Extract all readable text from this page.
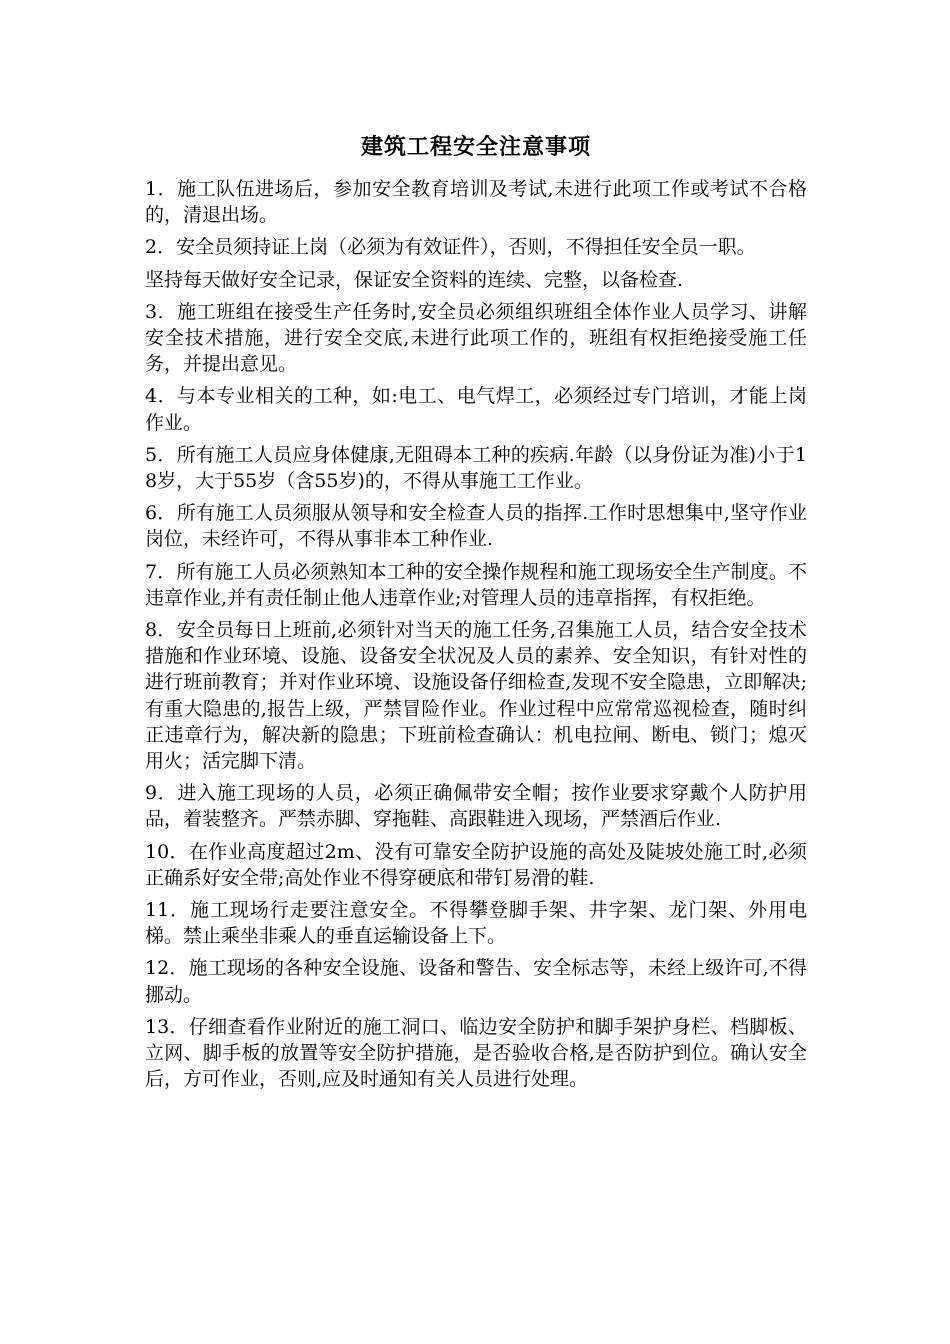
建筑工程安全注意事项

1．施工队伍进场后，参加安全教育培训及考试,未进行此项工作或考试不合格的，清退出场。

2．安全员须持证上岗（必须为有效证件），否则，不得担任安全员一职。

坚持每天做好安全记录，保证安全资料的连续、完整，以备检查.

3．施工班组在接受生产任务时,安全员必须组织班组全体作业人员学习、讲解安全技术措施，进行安全交底,未进行此项工作的，班组有权拒绝接受施工任务，并提出意见。

4．与本专业相关的工种，如:电工、电气焊工，必须经过专门培训，才能上岗作业。

5．所有施工人员应身体健康,无阻碍本工种的疾病.年龄（以身份证为准)小于18岁，大于55岁（含55岁)的，不得从事施工工作业。

6．所有施工人员须服从领导和安全检查人员的指挥.工作时思想集中,坚守作业岗位，未经许可，不得从事非本工种作业.

7．所有施工人员必须熟知本工种的安全操作规程和施工现场安全生产制度。不违章作业,并有责任制止他人违章作业;对管理人员的违章指挥，有权拒绝。

8．安全员每日上班前,必须针对当天的施工任务,召集施工人员，结合安全技术措施和作业环境、设施、设备安全状况及人员的素养、安全知识，有针对性的进行班前教育；并对作业环境、设施设备仔细检查,发现不安全隐患，立即解决;有重大隐患的,报告上级，严禁冒险作业。作业过程中应常常巡视检查，随时纠正违章行为，解决新的隐患；下班前检查确认：机电拉闸、断电、锁门；熄灭用火；活完脚下清。

9．进入施工现场的人员，必须正确佩带安全帽；按作业要求穿戴个人防护用品，着装整齐。严禁赤脚、穿拖鞋、高跟鞋进入现场，严禁酒后作业.

10．在作业高度超过2m、没有可靠安全防护设施的高处及陡坡处施工时,必须正确系好安全带;高处作业不得穿硬底和带钉易滑的鞋.

11．施工现场行走要注意安全。不得攀登脚手架、井字架、龙门架、外用电梯。禁止乘坐非乘人的垂直运输设备上下。

12．施工现场的各种安全设施、设备和警告、安全标志等，未经上级许可,不得挪动。

13．仔细查看作业附近的施工洞口、临边安全防护和脚手架护身栏、档脚板、立网、脚手板的放置等安全防护措施，是否验收合格,是否防护到位。确认安全后，方可作业，否则,应及时通知有关人员进行处理。
